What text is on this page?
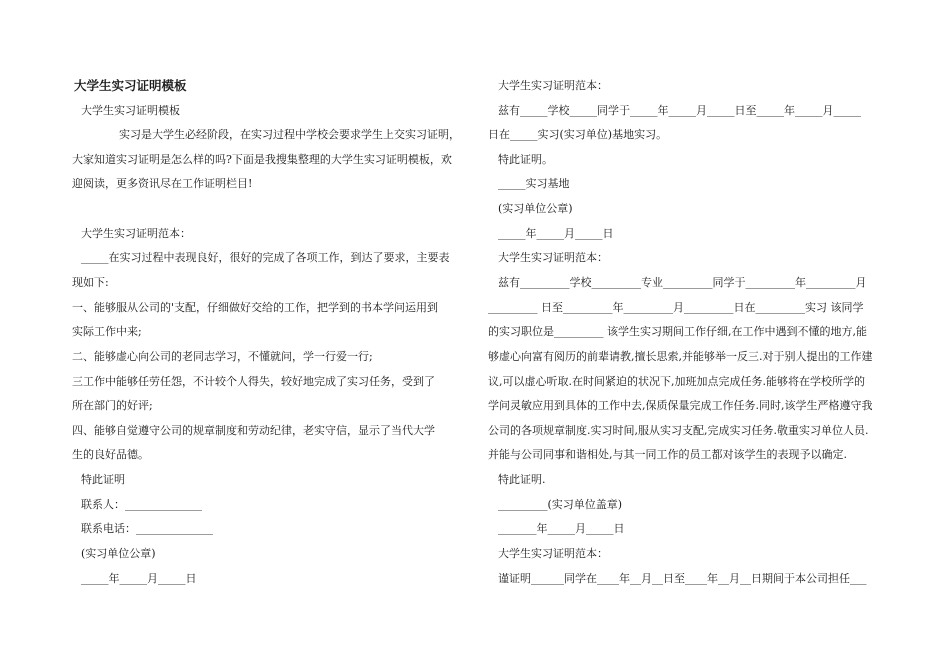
大学生实习证明模板
大学生实习证明模板
实习是大学生必经阶段，在实习过程中学校会要求学生上交实习证明，
大家知道实习证明是怎么样的吗?下面是我搜集整理的大学生实习证明模板，欢
迎阅读，更多资讯尽在工作证明栏目!
大学生实习证明范本：
_____在实习过程中表现良好，很好的完成了各项工作，到达了要求，主要表
现如下:
一、能够服从公司的'支配，仔细做好交给的工作，把学到的书本学问运用到
实际工作中来;
二、能够虚心向公司的老同志学习，不懂就问，学一行爱一行;
三工作中能够任劳任怨，不计较个人得失，较好地完成了实习任务，受到了
所在部门的好评;
四、能够自觉遵守公司的规章制度和劳动纪律，老实守信，显示了当代大学
生的良好品德。
特此证明
联系人：______________
联系电话：______________
(实习单位公章)
_____年_____月_____日
大学生实习证明范本：
兹有_____学校_____同学于_____年_____月_____日至_____年_____月_____
日在_____实习(实习单位)基地实习。
特此证明。
_____实习基地
(实习单位公章)
_____年_____月_____日
大学生实习证明范本：
兹有_________学校_________专业_________同学于_________年_________月
_________ 日至_________年_________月_________日在_________实习 该同学
的实习职位是_________ 该学生实习期间工作仔细,在工作中遇到不懂的地方,能
够虚心向富有阅历的前辈请教,擅长思索,并能够举一反三.对于别人提出的工作建
议,可以虚心听取.在时间紧迫的状况下,加班加点完成任务.能够将在学校所学的
学问灵敏应用到具体的工作中去,保质保量完成工作任务.同时,该学生严格遵守我
公司的各项规章制度.实习时间,服从实习支配,完成实习任务.敬重实习单位人员.
并能与公司同事和谐相处,与其一同工作的员工都对该学生的表现予以确定.
特此证明.
_________(实习单位盖章)
_______年_____月_____日
大学生实习证明范本：
谨证明______同学在____年__月__日至____年__月__日期间于本公司担任___
